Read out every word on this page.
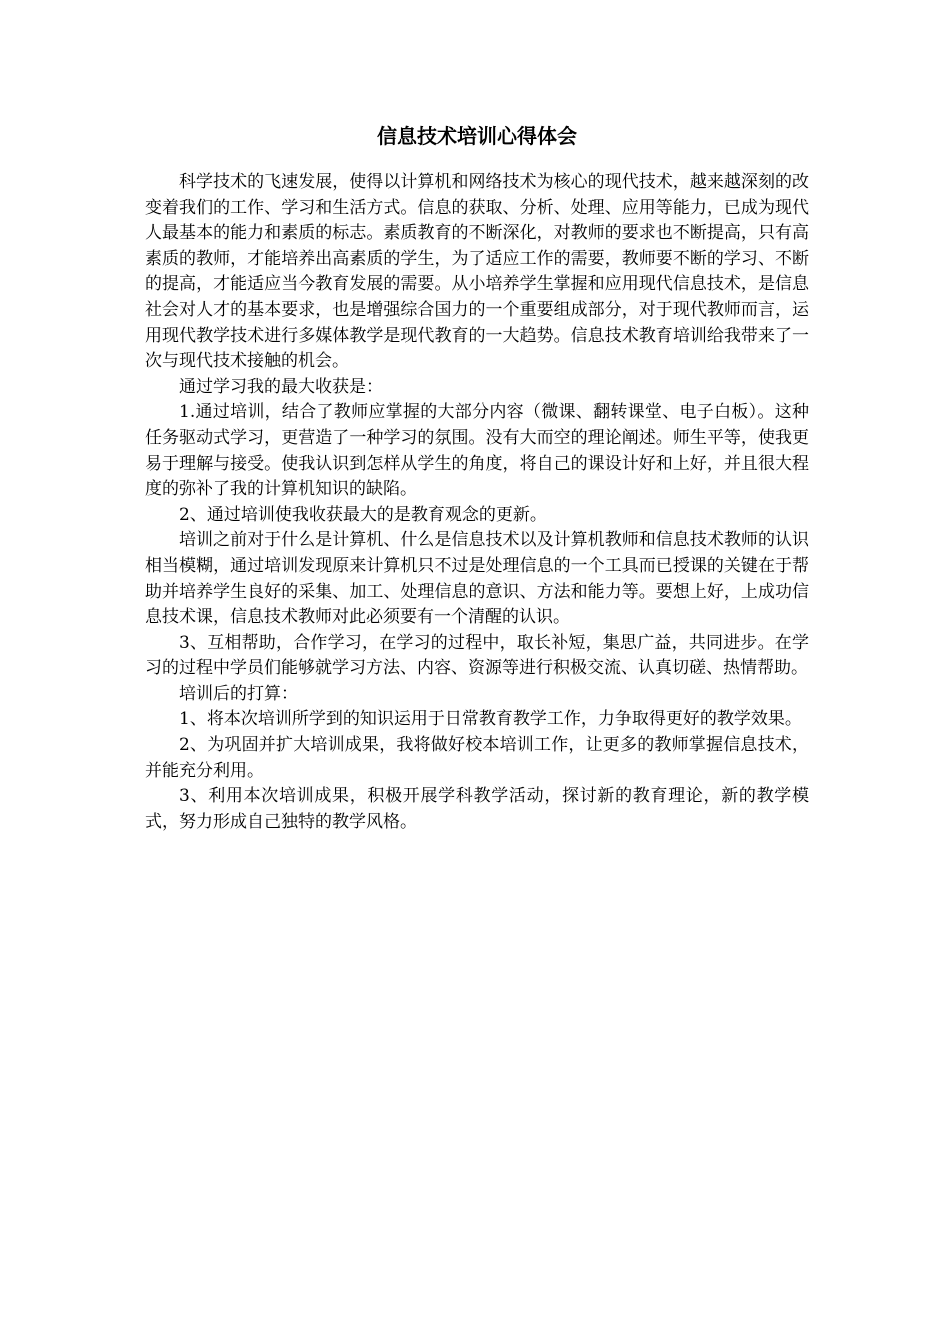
信息技术培训心得体会

科学技术的飞速发展，使得以计算机和网络技术为核心的现代技术，越来越深刻的改变着我们的工作、学习和生活方式。信息的获取、分析、处理、应用等能力，已成为现代人最基本的能力和素质的标志。素质教育的不断深化，对教师的要求也不断提高，只有高素质的教师，才能培养出高素质的学生，为了适应工作的需要，教师要不断的学习、不断的提高，才能适应当今教育发展的需要。从小培养学生掌握和应用现代信息技术，是信息社会对人才的基本要求，也是增强综合国力的一个重要组成部分，对于现代教师而言，运用现代教学技术进行多媒体教学是现代教育的一大趋势。信息技术教育培训给我带来了一次与现代技术接触的机会。

通过学习我的最大收获是：

1.通过培训，结合了教师应掌握的大部分内容（微课、翻转课堂、电子白板）。这种任务驱动式学习，更营造了一种学习的氛围。没有大而空的理论阐述。师生平等，使我更易于理解与接受。使我认识到怎样从学生的角度，将自己的课设计好和上好，并且很大程度的弥补了我的计算机知识的缺陷。

2、通过培训使我收获最大的是教育观念的更新。

培训之前对于什么是计算机、什么是信息技术以及计算机教师和信息技术教师的认识相当模糊，通过培训发现原来计算机只不过是处理信息的一个工具而已授课的关键在于帮助并培养学生良好的采集、加工、处理信息的意识、方法和能力等。要想上好，上成功信息技术课，信息技术教师对此必须要有一个清醒的认识。

3、互相帮助，合作学习，在学习的过程中，取长补短，集思广益，共同进步。在学习的过程中学员们能够就学习方法、内容、资源等进行积极交流、认真切磋、热情帮助。

培训后的打算：

1、将本次培训所学到的知识运用于日常教育教学工作，力争取得更好的教学效果。

2、为巩固并扩大培训成果，我将做好校本培训工作，让更多的教师掌握信息技术，并能充分利用。

3、利用本次培训成果，积极开展学科教学活动，探讨新的教育理论，新的教学模式，努力形成自己独特的教学风格。
